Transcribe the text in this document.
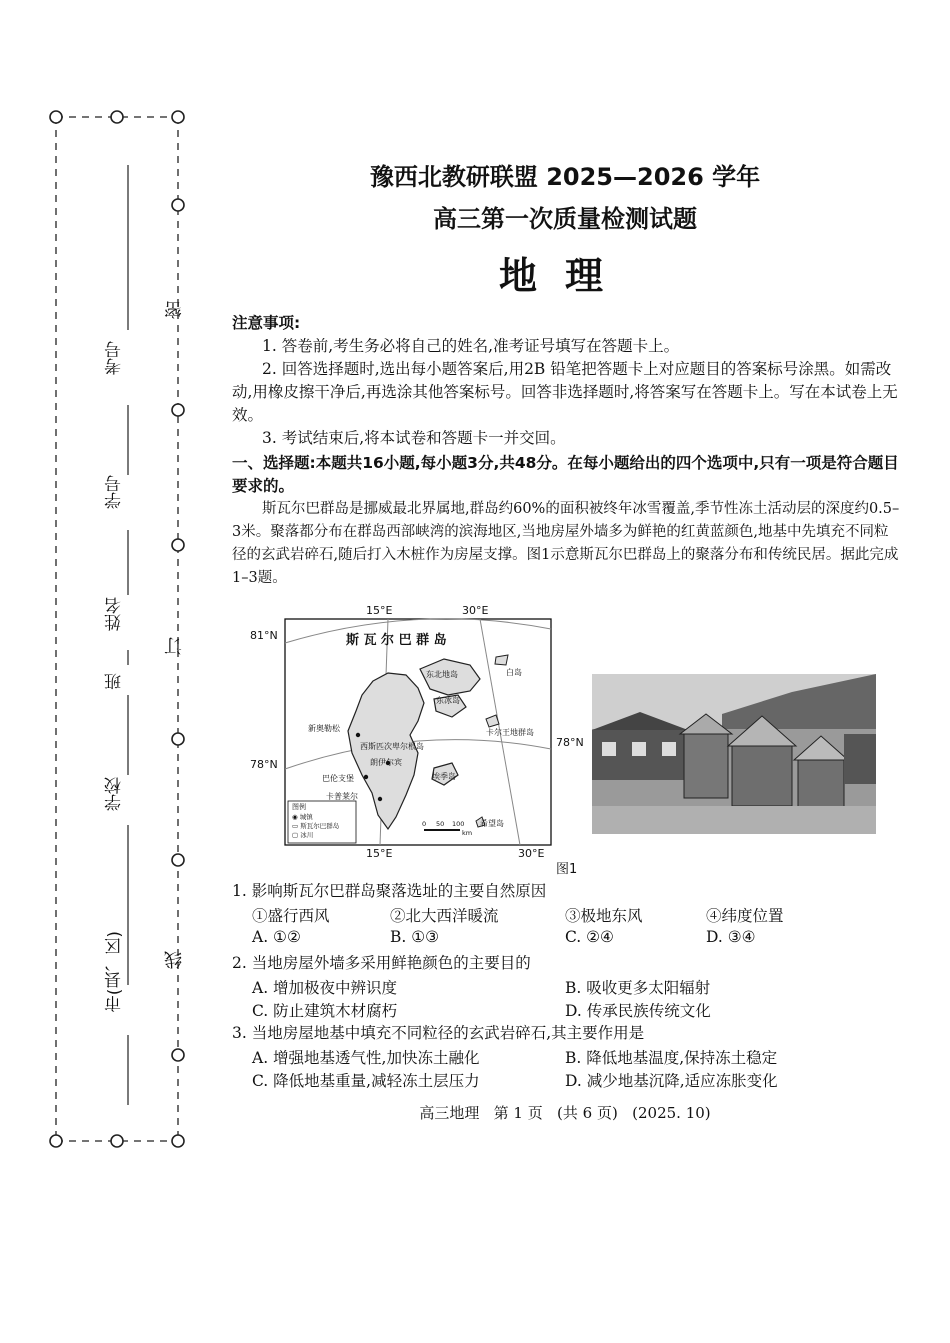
考号
学号
姓名
班
学校
市(县、区)
密
订
线
豫西北教研联盟 2025—2026 学年
高三第一次质量检测试题
地理
注意事项:
1. 答卷前,考生务必将自己的姓名,准考证号填写在答题卡上。
2. 回答选择题时,选出每小题答案后,用2B 铅笔把答题卡上对应题目的答案标号涂黑。如需改动,用橡皮擦干净后,再选涂其他答案标号。回答非选择题时,将答案写在答题卡上。写在本试卷上无效。
3. 考试结束后,将本试卷和答题卡一并交回。
一、选择题:本题共16小题,每小题3分,共48分。在每小题给出的四个选项中,只有一项是符合题目要求的。
斯瓦尔巴群岛是挪威最北界属地,群岛约60%的面积被终年冰雪覆盖,季节性冻土活动层的深度约0.5–3米。聚落都分布在群岛西部峡湾的滨海地区,当地房屋外墙多为鲜艳的红黄蓝颜色,地基中先填充不同粒径的玄武岩碎石,随后打入木桩作为房屋支撑。图1示意斯瓦尔巴群岛上的聚落分布和传统民居。据此完成1–3题。
斯 瓦 尔 巴 群 岛
15°E	30°E
15°E	30°E
81°N
78°N
78°N
西斯匹次卑尔根岛
东北地岛
东冰岛
白岛
新奥勒松	卡尔王地群岛
朗伊尔宾
巴伦支堡
卡普莱尔
埃季岛
希望岛
图例
◉ 城镇
▭ 斯瓦尔巴群岛
▢ 冰川
0 50 100
km
图1
1. 影响斯瓦尔巴群岛聚落选址的主要自然原因
①盛行西风	②北大西洋暖流	③极地东风	④纬度位置
A. ①②	B. ①③	C. ②④	D. ③④
2. 当地房屋外墙多采用鲜艳颜色的主要目的
A. 增加极夜中辨识度	B. 吸收更多太阳辐射
C. 防止建筑木材腐朽	D. 传承民族传统文化
3. 当地房屋地基中填充不同粒径的玄武岩碎石,其主要作用是
A. 增强地基透气性,加快冻土融化	B. 降低地基温度,保持冻土稳定
C. 降低地基重量,减轻冻土层压力	D. 减少地基沉降,适应冻胀变化
高三地理   第 1 页   (共 6 页)   (2025. 10)
